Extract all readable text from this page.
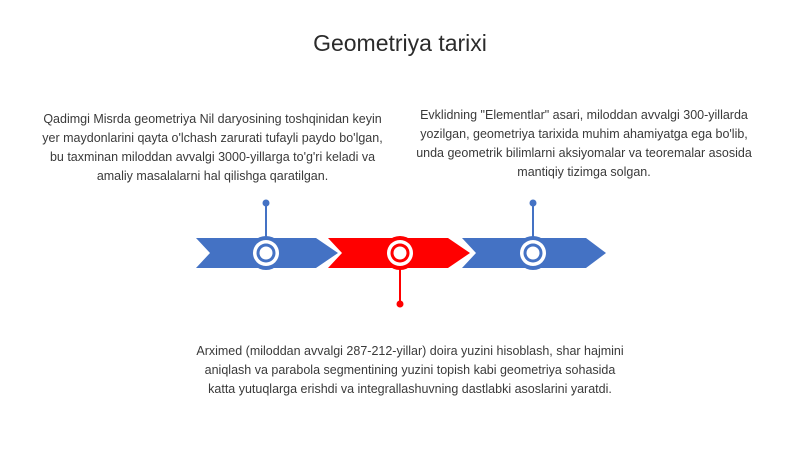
Geometriya tarixi
Qadimgi Misrda geometriya Nil daryosining toshqinidan keyin yer maydonlarini qayta o'lchash zarurati tufayli paydo bo'lgan, bu taxminan miloddan avvalgi 3000-yillarga to'g'ri keladi va amaliy masalalarni hal qilishga qaratilgan.
Evklidning "Elementlar" asari, miloddan avvalgi 300-yillarda yozilgan, geometriya tarixida muhim ahamiyatga ega bo'lib, unda geometrik bilimlarni aksiyomalar va teoremalar asosida mantiqiy tizimga solgan.
Arximed (miloddan avvalgi 287-212-yillar) doira yuzini hisoblash, shar hajmini aniqlash va parabola segmentining yuzini topish kabi geometriya sohasida katta yutuqlarga erishdi va integrallashuvning dastlabki asoslarini yaratdi.
